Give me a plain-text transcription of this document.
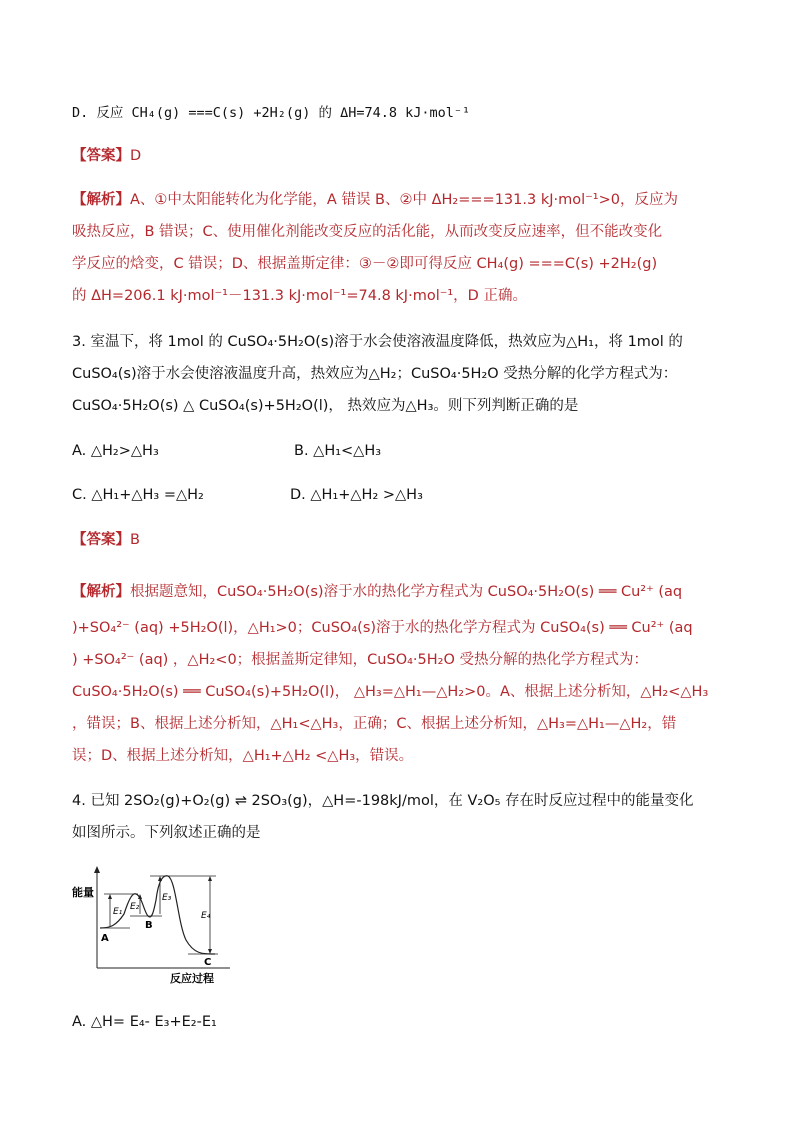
D. 反应 CH₄(g) ===C(s) +2H₂(g) 的 ΔH=74.8 kJ·mol⁻¹
【答案】D
【解析】A、①中太阳能转化为化学能，A 错误 B、②中 ΔH₂===131.3 kJ·mol⁻¹>0，反应为
吸热反应，B 错误；C、使用催化剂能改变反应的活化能，从而改变反应速率，但不能改变化
学反应的焓变，C 错误；D、根据盖斯定律：③－②即可得反应 CH₄(g) ===C(s) +2H₂(g)
的 ΔH=206.1 kJ·mol⁻¹－131.3 kJ·mol⁻¹=74.8 kJ·mol⁻¹，D 正确。
3. 室温下，将 1mol 的 CuSO₄·5H₂O(s)溶于水会使溶液温度降低，热效应为△H₁，将 1mol 的
CuSO₄(s)溶于水会使溶液温度升高，热效应为△H₂；CuSO₄·5H₂O 受热分解的化学方程式为：
CuSO₄·5H₂O(s) △ CuSO₄(s)+5H₂O(l)， 热效应为△H₃。则下列判断正确的是
A. △H₂>△H₃	B. △H₁<△H₃
C. △H₁+△H₃ =△H₂	D. △H₁+△H₂ >△H₃
【答案】B
【解析】根据题意知，CuSO₄·5H₂O(s)溶于水的热化学方程式为 CuSO₄·5H₂O(s) ══ Cu²⁺ (aq
)+SO₄²⁻ (aq) +5H₂O(l)，△H₁>0；CuSO₄(s)溶于水的热化学方程式为 CuSO₄(s) ══ Cu²⁺ (aq
) +SO₄²⁻ (aq) ，△H₂<0；根据盖斯定律知，CuSO₄·5H₂O 受热分解的热化学方程式为：
CuSO₄·5H₂O(s) ══ CuSO₄(s)+5H₂O(l)， △H₃=△H₁—△H₂>0。A、根据上述分析知，△H₂<△H₃
，错误；B、根据上述分析知，△H₁<△H₃，正确；C、根据上述分析知，△H₃=△H₁—△H₂，错
误；D、根据上述分析知，△H₁+△H₂ <△H₃，错误。
4. 已知 2SO₂(g)+O₂(g) ⇌ 2SO₃(g)，△H=-198kJ/mol，在 V₂O₅ 存在时反应过程中的能量变化
如图所示。下列叙述正确的是
能量
反应过程
E₁ E₂
E₃
E₄
A
B
C
A. △H= E₄- E₃+E₂-E₁
